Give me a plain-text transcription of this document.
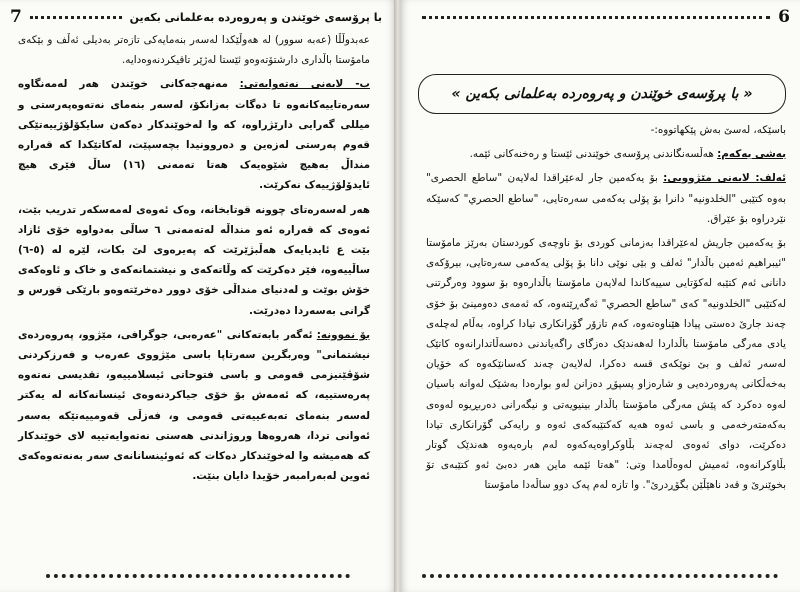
7	با پرۆسەی خوێندن و پەروەردە بەعلمانی بکەین

عەبدوڵڵا (عەبە سوور) لە هەوڵێکدا لەسەر بنەمایەکی تازەتر بەدیلی ئەڵف و بێکەی مامۆستا باڵداری دارشتۆتەوەو ئێستا لەژێر تاقیکردنەوەدایە.

ب- لایەنی نەتەوایەتی: مەنهەجەکانی خوێندن هەر لەمەنگاوە سەرەتاییەکانەوە تا دەگات بەزانکۆ، لەسەر بنەمای نەتەوەپەرستی و میللی گەرایی دارێژراوە، کە وا لەخوێندکار دەکەن سایکۆلۆژییەتێکی قەوم پەرستی لەزەین و دەروونیدا بچەسپێت، لەکاتێکدا کە قەرارە منداڵ بەهیچ شێوەیەک هەتا تەمەنی (١٦) ساڵ فێری هیچ ئایدۆلۆژییەک نەکرێت.

هەر لەسەرەتای چوونە قوتابخانە، وەک ئەوەی لەمەسکەر تدریب بێت، ئەوەی کە قەرارە ئەو منداڵە لەتەمەنی ٦ ساڵی بەدواوە خۆی ئازاد بێت ع ئایدیایەک هەڵبژێرێت کە پەیرەوی لێ بکات، لێرە لە (٥-٦) ساڵییەوە، فێر دەکرێت کە وڵاتەکەی و نیشتمانەکەی و خاک و ئاوەکەی خۆش بوێت و لەدنیای منداڵی خۆی دوور دەخرێتەوەو بارێکی قورس و گرانی بەسەردا دەدرێت.

بۆ نموونە: ئەگەر بابەتەکانی "عەرەبی، جوگرافی، مێژوو، پەروەردەی نیشتمانی" وەربگرین سەرتاپا باسی مێژووی عەرەب و فەرزکردنی شۆڤێنیزمی قەومی و باسی فتوحاتی ئیسلامییەو، تقدیسی نەتەوە پەرەستییە، کە ئەمەش بۆ خۆی جیاکردنەوەی ئینسانەکانە لە یەکتر لەسەر بنەمای تەبەعییەتی قەومی و، فەزڵی قەومییەتێکە بەسەر ئەوانی تردا، هەروەها وروژاندنی هەستی نەتەوایەتییە لای خوێندکار کە هەمیشە وا لەخوێندکار دەکات کە ئەوئینسانانەی سەر بەنەتەوەکەی ئەوین لەبەرامبەر خۆیدا دایان بنێت.

6
« با پرۆسەی خوێندن و پەروەردە بەعلمانی بکەین »

باسێکە، لەسێ بەش پێکهاتووە:-

بەشی یەکەم: هەڵسەنگاندنی پرۆسەی خوێندنی ئێستا و رەخنەکانی ئێمە.

ئەلف: لایەنی مێژوویی: بۆ یەکەمین جار لەعێراقدا لەلایەن "ساطع الحصری" بەوە کتێبی "الخلدونیە" دانرا بۆ پۆلی یەکەمی سەرەتایی، "ساطع الحصري" کەسێکە نێردراوە بۆ عێراق.

بۆ یەکەمین جاریش لەعێراقدا بەزمانی کوردی بۆ ناوچەی کوردستان بەرێز مامۆستا "ئیبراهیم ئەمین باڵدار" ئەلف و بێی نوێی دانا بۆ پۆلی یەکەمی سەرەتایی، بیرۆکەی دانانی ئەم کتێبە لەکۆتایی سییەکاندا لەلایەن مامۆستا باڵدارەوە بۆ سوود وەرگرتنی لەکتێبی "الخلدونیە" کەی "ساطع الحصري" ئەگەڕێتەوە، کە ئەمەی دەومینێ بۆ خۆی چەند جارێ دەستی پیادا هێناوەتەوە، کەم تازۆر گۆرانکاری تیادا کراوە، بەڵام لەچلەی یادی مەرگی مامۆستا باڵداردا لەهەندێک دەزگای راگەیاندنی دەسەڵاتدارانەوە کاتێک لەسەر ئەلف و بێ نوێکەی قسە دەکرا، لەلایەن چەند کەسانێکەوە کە خۆیان بەخەڵکانی پەروەردەیی و شارەزاو پسپۆڕ دەزانن لەو بوارەدا بەشێک لەوانە باسیان لەوە دەکرد کە پێش مەرگی مامۆستا باڵدار بینیویەتی و نیگەرانی دەربڕیوە لەوەی بەکەمتەرخەمی و باسی ئەوە هەیە کەکتێبەکەی ئەوە و رایەکی گۆرانکاری تیادا دەکرێت، دوای ئەوەی لەچەند بڵاوکراوەیەکەوە لەم بارەیەوە هەندێک گوتار بڵاوکرانەوە، ئەمیش لەوەڵامدا وتی: "هەتا ئێمە ماین هەر دەبێ ئەو کتێبەی تۆ بخوێنرێ و قەد ناهێڵێن بگۆڕدرێ". وا تازە لەم پەک دوو ساڵەدا مامۆستا
